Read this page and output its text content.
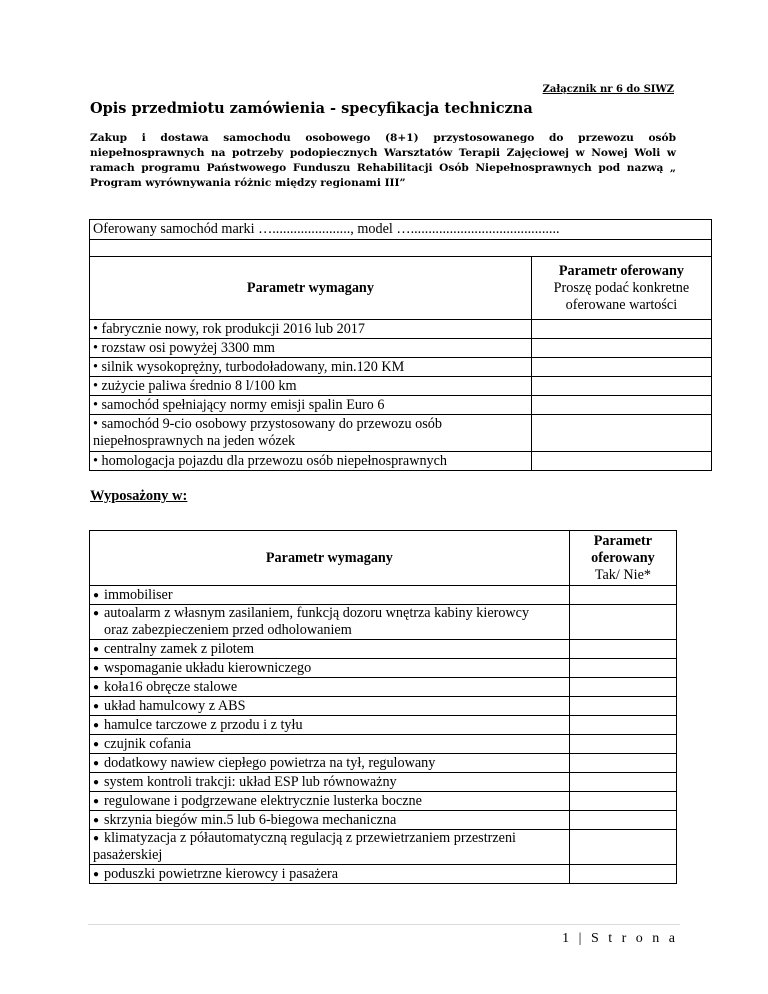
Załącznik nr 6 do SIWZ
Opis przedmiotu zamówienia - specyfikacja techniczna
Zakup i dostawa samochodu osobowego (8+1) przystosowanego do przewozu osób niepełnosprawnych na potrzeby podopiecznych Warsztatów Terapii Zajęciowej w Nowej Woli w ramach programu Państwowego Funduszu Rehabilitacji Osób Niepełnosprawnych pod nazwą „ Program wyrównywania różnic między regionami III”
Oferowany samochód marki …......................, model …..........................................	

Parametr wymagany	Parametr oferowany
Proszę podać konkretne
oferowane wartości

• fabrycznie nowy, rok produkcji 2016 lub 2017	
• rozstaw osi powyżej 3300 mm	
• silnik wysokoprężny, turbodoładowany, min.120 KM	
• zużycie paliwa średnio 8 l/100 km	
• samochód spełniający normy emisji spalin Euro 6	
• samochód 9-cio osobowy przystosowany do przewozu osób niepełnosprawnych na jeden wózek	
• homologacja pojazdu dla przewozu osób niepełnosprawnych	
Wyposażony w:
Parametr wymagany	Parametr
oferowany
Tak/ Nie*

● immobiliser	

● autoalarm z własnym zasilaniem, funkcją dozoru wnętrza kabiny kierowcy
oraz zabezpieczeniem przed odholowaniem	

● centralny zamek z pilotem	

● wspomaganie układu kierowniczego	

● koła16 obręcze stalowe	

● układ hamulcowy z ABS	

● hamulce tarczowe z przodu i z tyłu	

● czujnik cofania	

● dodatkowy nawiew ciepłego powietrza na tył, regulowany	

● system kontroli trakcji: układ ESP lub równoważny	

● regulowane i podgrzewane elektrycznie lusterka boczne	

● skrzynia biegów min.5 lub 6-biegowa mechaniczna	

● klimatyzacja z półautomatyczną regulacją z przewietrzaniem przestrzeni
pasażerskiej	

● poduszki powietrzne kierowcy i pasażera	

1 | S t r o n a
